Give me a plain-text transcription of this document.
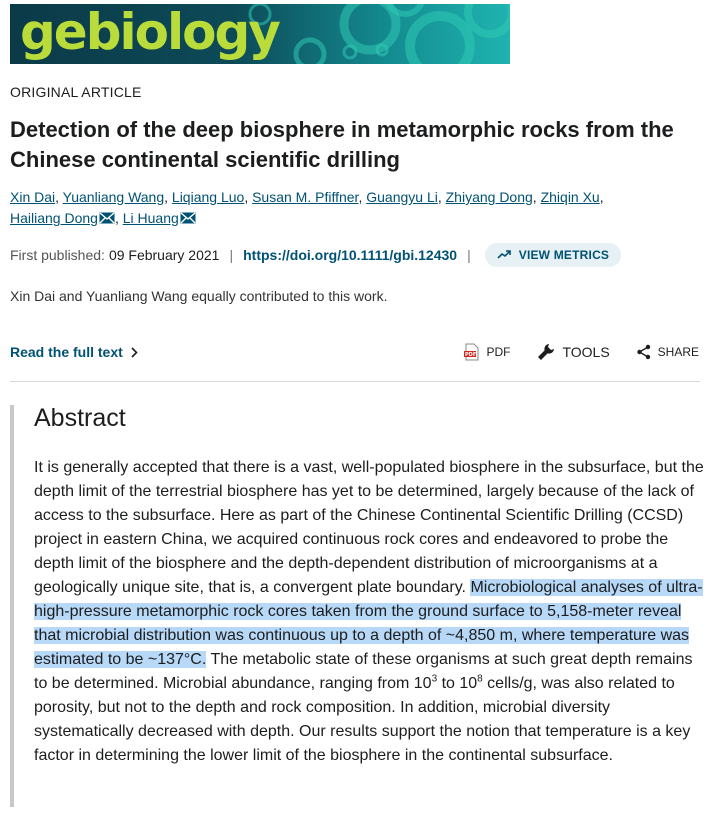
gebiology
ORIGINAL ARTICLE
Detection of the deep biosphere in metamorphic rocks from the Chinese continental scientific drilling
Xin Dai, Yuanliang Wang, Liqiang Luo, Susan M. Pfiffner, Guangyu Li, Zhiyang Dong, Zhiqin Xu,
Hailiang Dong , Li Huang
First published: 09 February 2021 | https://doi.org/10.1111/gbi.12430 |	VIEW METRICS
Xin Dai and Yuanliang Wang equally contributed to this work.
Read the full text	PDF PDF	TOOLS	SHARE
Abstract
It is generally accepted that there is a vast, well-populated biosphere in the subsurface, but the depth limit of the terrestrial biosphere has yet to be determined, largely because of the lack of access to the subsurface. Here as part of the Chinese Continental Scientific Drilling (CCSD) project in eastern China, we acquired continuous rock cores and endeavored to probe the depth limit of the biosphere and the depth-dependent distribution of microorganisms at a geologically unique site, that is, a convergent plate boundary. Microbiological analyses of ultra-high-pressure metamorphic rock cores taken from the ground surface to 5,158-meter reveal that microbial distribution was continuous up to a depth of ~4,850 m, where temperature was estimated to be ~137°C. The metabolic state of these organisms at such great depth remains to be determined. Microbial abundance, ranging from $10^3$ to $10^8$ cells/g, was also related to porosity, but not to the depth and rock composition. In addition, microbial diversity systematically decreased with depth. Our results support the notion that temperature is a key factor in determining the lower limit of the biosphere in the continental subsurface.
